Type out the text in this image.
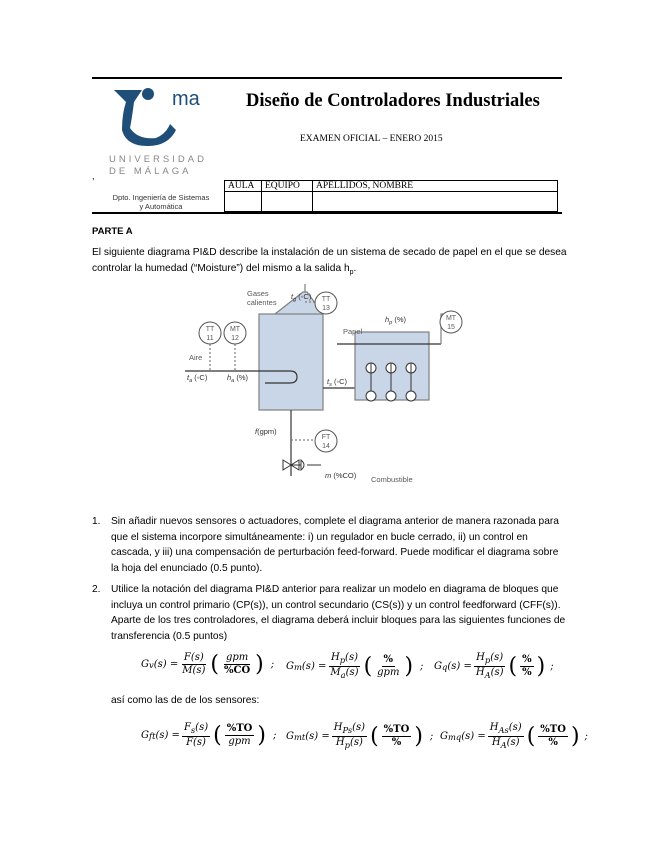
ma
UNIVERSIDAD
DE MÁLAGA
,
Dpto. Ingeniería de Sistemas
y Automática
Diseño de Controladores Industriales
EXAMEN OFICIAL – ENERO 2015
AULA	EQUIPO	APELLIDOS, NOMBRE

PARTE A
El siguiente diagrama PI&D describe la instalación de un sistema de secado de papel en el que se desea
controlar la humedad (“Moisture”) del mismo a la salida $h_p$.
TT
13
TT
11
MT
12
MT
15
FT
14
Gases
calientes
Papel
Aire
Combustible
$t_g$ (◦C)
$h_p$ (%)
$t_a$ (◦C)	$h_a$ (%)	$t_s$ (◦C)
f(gpm)
m (%CO)
1. Sin añadir nuevos sensores o actuadores, complete el diagrama anterior de manera razonada para
que el sistema incorpore simultáneamente: i) un regulador en bucle cerrado, ii) un control en
cascada, y iii) una compensación de perturbación feed-forward. Puede modificar el diagrama sobre
la hoja del enunciado (0.5 punto).
2. Utilice la notación del diagrama PI&D anterior para realizar un modelo en diagrama de bloques que
incluya un control primario (CP(s)), un control secundario (CS(s)) y un control feedforward (CFF(s)).
Aparte de los tres controladores, el diagrama deberá incluir bloques para las siguientes funciones de
transferencia (0.5 puntos)
G v $(s) = \frac{F(s)}{M(s)}$ ( $\frac{\text{gpm}}{\%CO}$ ) ; G m $(s) = \frac{H_p(s)}{M_a(s)}$ ( $\frac{\%}{\text{gpm}}$ ) ; G q $(s) = \frac{H_p(s)}{H_A(s)}$ ( $\frac{\%}{\%}$ ) ;
así como las de de los sensores:
G ft $(s) = \frac{F_s(s)}{F(s)}$ ( $\frac{\%TO}{\text{gpm}}$ ) ; G mt $(s) = \frac{H_{Ps}(s)}{H_p(s)}$ ( $\frac{\%TO}{\%}$ ) ; G mq $(s) = \frac{H_{As}(s)}{H_A(s)}$ ( $\frac{\%TO}{\%}$ ) ;
